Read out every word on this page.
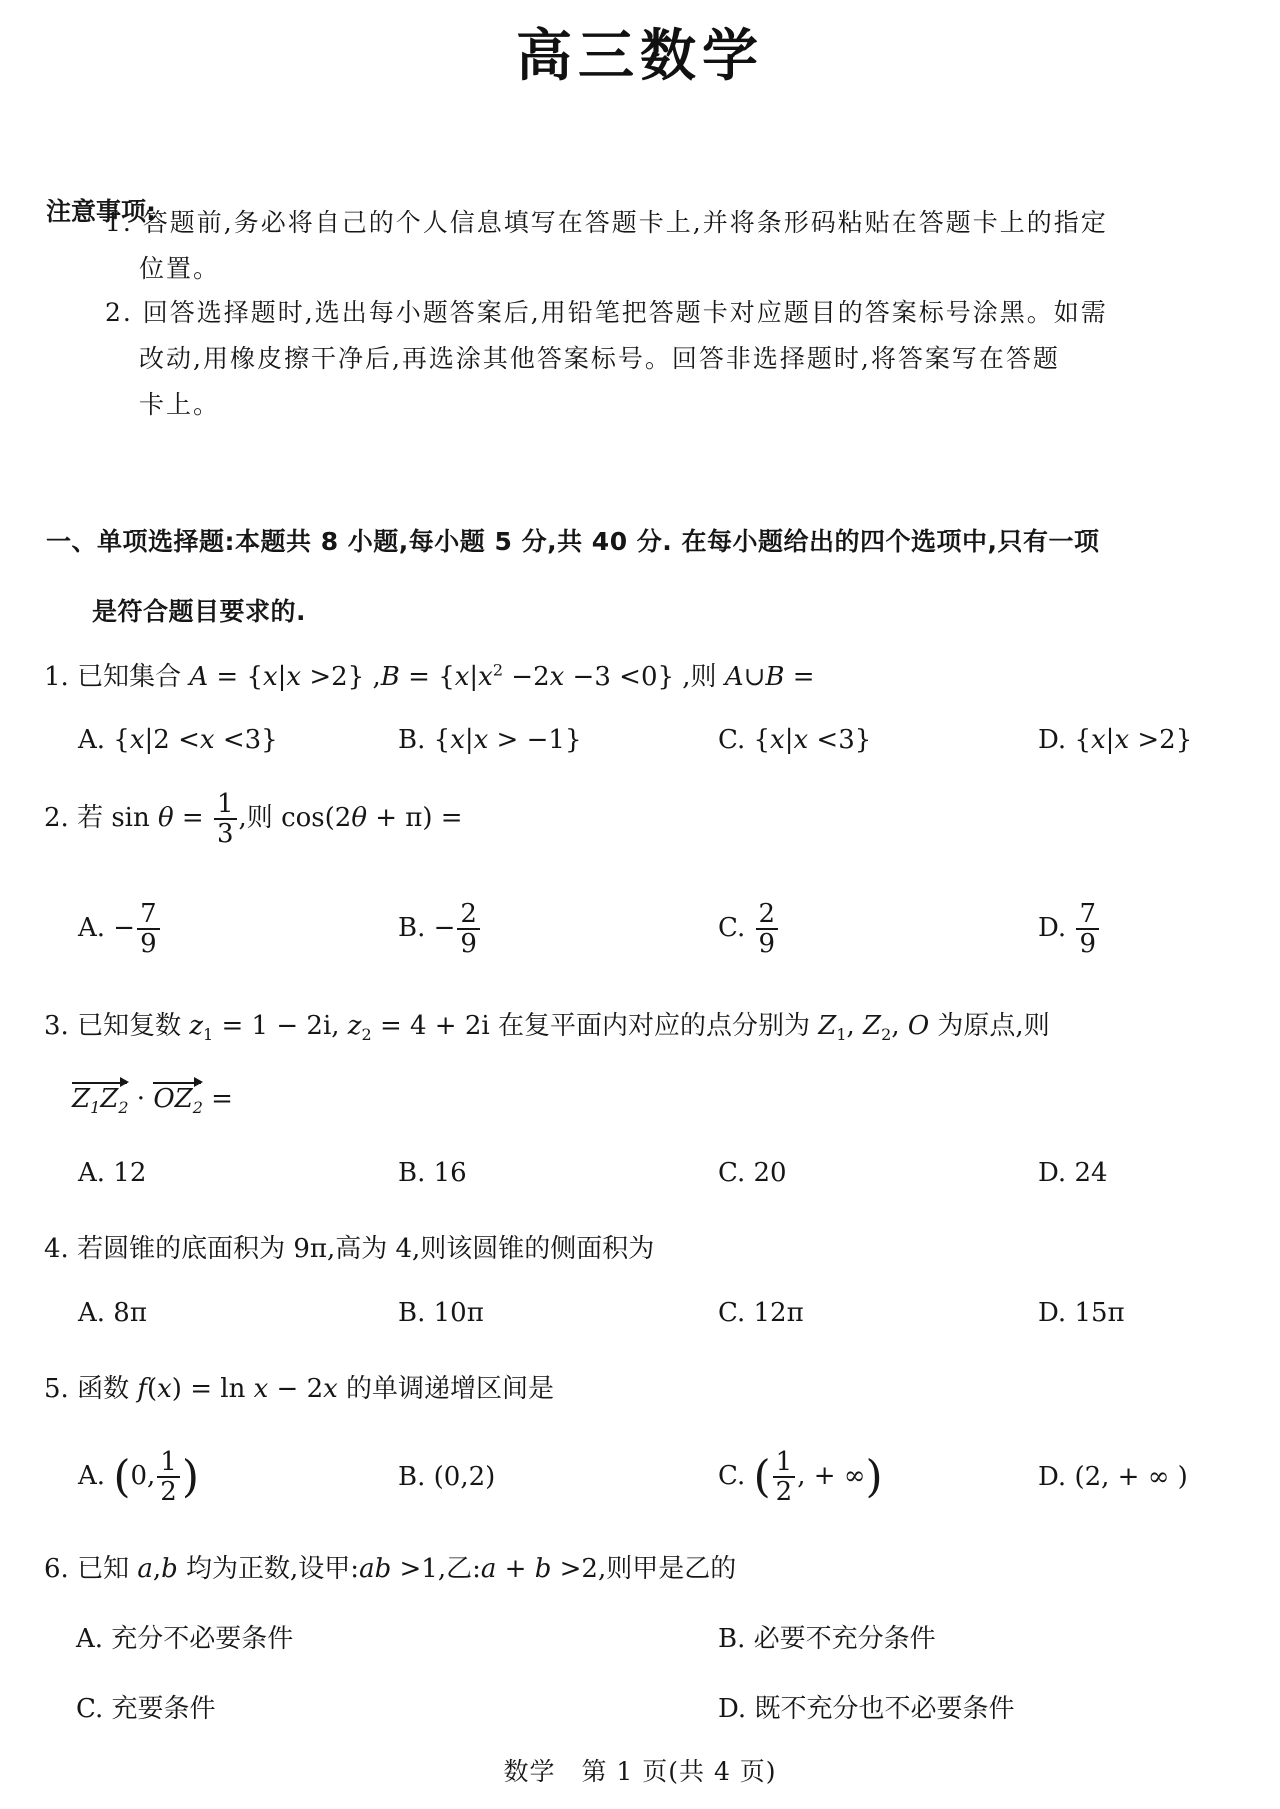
高三数学
注意事项:
1. 答题前,务必将自己的个人信息填写在答题卡上,并将条形码粘贴在答题卡上的指定
位置。
2. 回答选择题时,选出每小题答案后,用铅笔把答题卡对应题目的答案标号涂黑。如需
改动,用橡皮擦干净后,再选涂其他答案标号。回答非选择题时,将答案写在答题
卡上。
一、单项选择题:本题共 8 小题,每小题 5 分,共 40 分. 在每小题给出的四个选项中,只有一项
是符合题目要求的.
1. 已知集合 A = {x|x >2} $,B = \{x|x^2 -2x -3 <0\}$ ,则 A∪B =
A. {x|2 <x <3}	B. {x|x > −1}	C. {x|x <3}	D. {x|x >2}
2. 若 $\sin \theta = \frac{1}{3}$ ,则 cos(2θ + π) =
A. − $\frac{7}{9}$	B. − $\frac{2}{9}$	C. $\frac{2}{9}$	D. $\frac{7}{9}$
3. 已知复数 $z_1 = 1 - 2i$, $z_2 = 4 + 2i$ 在复平面内对应的点分别为 $Z_1$, $Z_2$, O 为原点,则
$Z_1Z_2 \cdot OZ_2$ =
A. 12	B. 16	C. 20	D. 24
4. 若圆锥的底面积为 9π,高为 4,则该圆锥的侧面积为
A. 8π	B. 10π	C. 12π	D. 15π
5. 函数 f(x) = ln x − 2x 的单调递增区间是
A. (0, $\frac{1}{2}$ )	B. (0,2)	C. ( $\frac{1}{2}$ , + ∞)	D. (2, + ∞ )
6. 已知 a,b 均为正数,设甲:ab >1,乙:a + b >2,则甲是乙的
A. 充分不必要条件	B. 必要不充分条件
C. 充要条件	D. 既不充分也不必要条件
数学　第 1 页(共 4 页)
